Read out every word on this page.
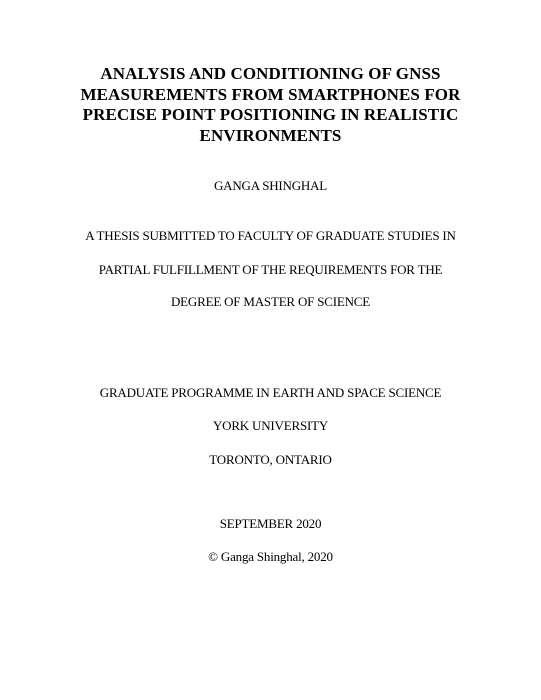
ANALYSIS AND CONDITIONING OF GNSS
MEASUREMENTS FROM SMARTPHONES FOR
PRECISE POINT POSITIONING IN REALISTIC
ENVIRONMENTS
GANGA SHINGHAL
A THESIS SUBMITTED TO FACULTY OF GRADUATE STUDIES IN
PARTIAL FULFILLMENT OF THE REQUIREMENTS FOR THE
DEGREE OF MASTER OF SCIENCE
GRADUATE PROGRAMME IN EARTH AND SPACE SCIENCE
YORK UNIVERSITY
TORONTO, ONTARIO
SEPTEMBER 2020
© Ganga Shinghal, 2020
